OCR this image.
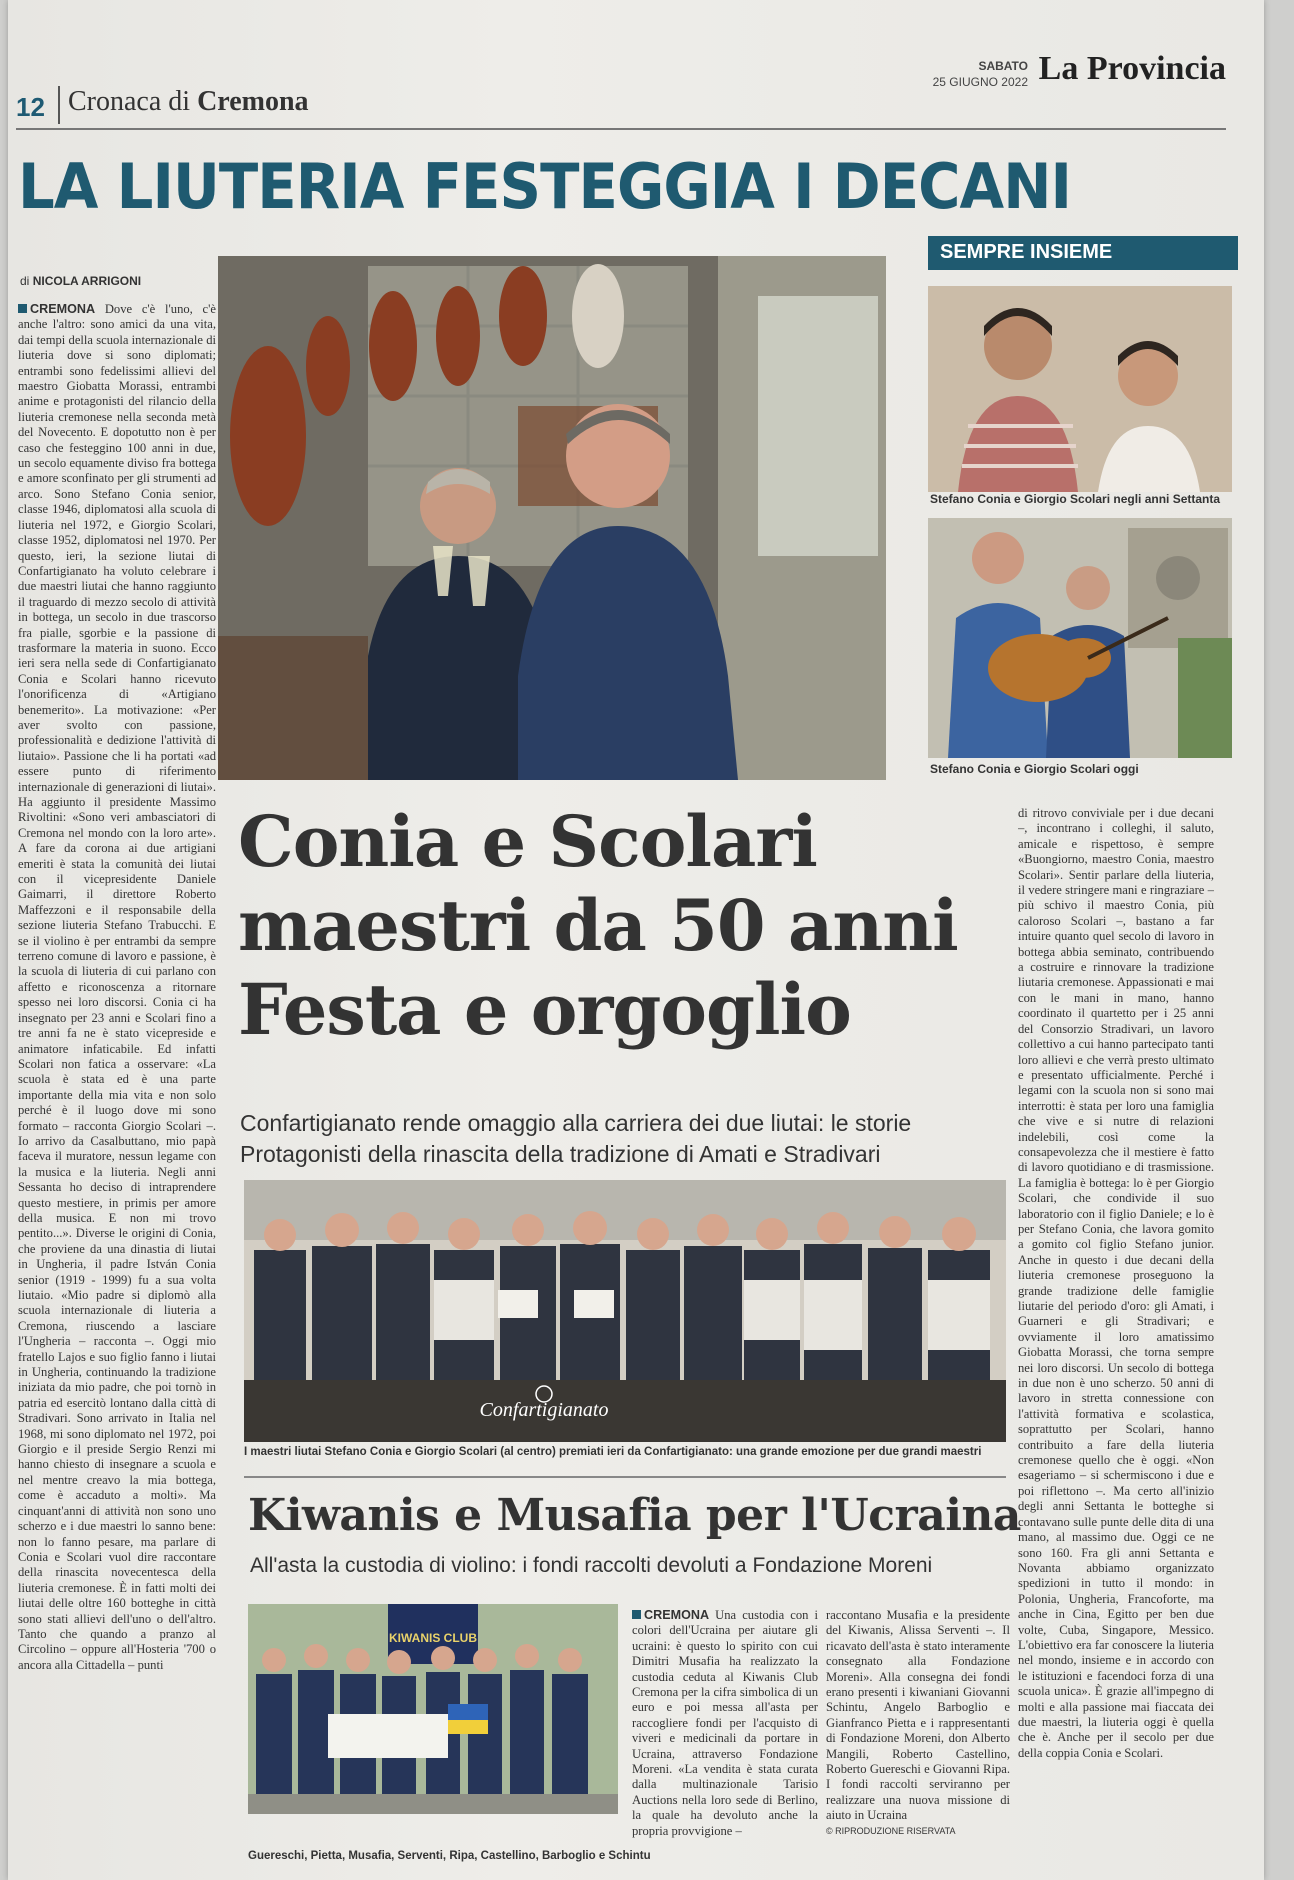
12 Cronaca di Cremona
SABATO
25 GIUGNO 2022 La Provincia
LA LIUTERIA FESTEGGIA I DECANI
di NICOLA ARRIGONI
CREMONA Dove c'è l'uno, c'è anche l'altro: sono amici da una vita, dai tempi della scuola internazionale di liuteria dove si sono diplomati; entrambi sono fedelissimi allievi del maestro Giobatta Morassi, entrambi anime e protagonisti del rilancio della liuteria cremonese nella seconda metà del Novecento. E dopotutto non è per caso che festeggino 100 anni in due, un secolo equamente diviso fra bottega e amore sconfinato per gli strumenti ad arco. Sono Stefano Conia senior, classe 1946, diplomatosi alla scuola di liuteria nel 1972, e Giorgio Scolari, classe 1952, diplomatosi nel 1970. Per questo, ieri, la sezione liutai di Confartigianato ha voluto celebrare i due maestri liutai che hanno raggiunto il traguardo di mezzo secolo di attività in bottega, un secolo in due trascorso fra pialle, sgorbie e la passione di trasformare la materia in suono. Ecco ieri sera nella sede di Confartigianato Conia e Scolari hanno ricevuto l'onorificenza di «Artigiano benemerito». La motivazione: «Per aver svolto con passione, professionalità e dedizione l'attività di liutaio». Passione che li ha portati «ad essere punto di riferimento internazionale di generazioni di liutai». Ha aggiunto il presidente Massimo Rivoltini: «Sono veri ambasciatori di Cremona nel mondo con la loro arte». A fare da corona ai due artigiani emeriti è stata la comunità dei liutai con il vicepresidente Daniele Gaimarri, il direttore Roberto Maffezzoni e il responsabile della sezione liuteria Stefano Trabucchi. E se il violino è per entrambi da sempre terreno comune di lavoro e passione, è la scuola di liuteria di cui parlano con affetto e riconoscenza a ritornare spesso nei loro discorsi. Conia ci ha insegnato per 23 anni e Scolari fino a tre anni fa ne è stato vicepreside e animatore infaticabile. Ed infatti Scolari non fatica a osservare: «La scuola è stata ed è una parte importante della mia vita e non solo perché è il luogo dove mi sono formato – racconta Giorgio Scolari –. Io arrivo da Casalbuttano, mio papà faceva il muratore, nessun legame con la musica e la liuteria. Negli anni Sessanta ho deciso di intraprendere questo mestiere, in primis per amore della musica. E non mi trovo pentito...». Diverse le origini di Conia, che proviene da una dinastia di liutai in Ungheria, il padre István Conia senior (1919 - 1999) fu a sua volta liutaio. «Mio padre si diplomò alla scuola internazionale di liuteria a Cremona, riuscendo a lasciare l'Ungheria – racconta –. Oggi mio fratello Lajos e suo figlio fanno i liutai in Ungheria, continuando la tradizione iniziata da mio padre, che poi tornò in patria ed esercitò lontano dalla città di Stradivari. Sono arrivato in Italia nel 1968, mi sono diplomato nel 1972, poi Giorgio e il preside Sergio Renzi mi hanno chiesto di insegnare a scuola e nel mentre creavo la mia bottega, come è accaduto a molti». Ma cinquant'anni di attività non sono uno scherzo e i due maestri lo sanno bene: non lo fanno pesare, ma parlare di Conia e Scolari vuol dire raccontare della rinascita novecentesca della liuteria cremonese. È in fatti molti dei liutai delle oltre 160 botteghe in città sono stati allievi dell'uno o dell'altro. Tanto che quando a pranzo al Circolino – oppure all'Hosteria '700 o ancora alla Cittadella – punti
SEMPRE INSIEME
Stefano Conia e Giorgio Scolari negli anni Settanta
Stefano Conia e Giorgio Scolari oggi
Conia e Scolari
maestri da 50 anni
Festa e orgoglio
Confartigianato rende omaggio alla carriera dei due liutai: le storie
Protagonisti della rinascita della tradizione di Amati e Stradivari
di ritrovo conviviale per i due decani –, incontrano i colleghi, il saluto, amicale e rispettoso, è sempre «Buongiorno, maestro Conia, maestro Scolari». Sentir parlare della liuteria, il vedere stringere mani e ringraziare – più schivo il maestro Conia, più caloroso Scolari –, bastano a far intuire quanto quel secolo di lavoro in bottega abbia seminato, contribuendo a costruire e rinnovare la tradizione liutaria cremonese. Appassionati e mai con le mani in mano, hanno coordinato il quartetto per i 25 anni del Consorzio Stradivari, un lavoro collettivo a cui hanno partecipato tanti loro allievi e che verrà presto ultimato e presentato ufficialmente. Perché i legami con la scuola non si sono mai interrotti: è stata per loro una famiglia che vive e si nutre di relazioni indelebili, così come la consapevolezza che il mestiere è fatto di lavoro quotidiano e di trasmissione. La famiglia è bottega: lo è per Giorgio Scolari, che condivide il suo laboratorio con il figlio Daniele; e lo è per Stefano Conia, che lavora gomito a gomito col figlio Stefano junior. Anche in questo i due decani della liuteria cremonese proseguono la grande tradizione delle famiglie liutarie del periodo d'oro: gli Amati, i Guarneri e gli Stradivari; e ovviamente il loro amatissimo Giobatta Morassi, che torna sempre nei loro discorsi. Un secolo di bottega in due non è uno scherzo. 50 anni di lavoro in stretta connessione con l'attività formativa e scolastica, soprattutto per Scolari, hanno contribuito a fare della liuteria cremonese quello che è oggi. «Non esageriamo – si schermiscono i due e poi riflettono –. Ma certo all'inizio degli anni Settanta le botteghe si contavano sulle punte delle dita di una mano, al massimo due. Oggi ce ne sono 160. Fra gli anni Settanta e Novanta abbiamo organizzato spedizioni in tutto il mondo: in Polonia, Ungheria, Francoforte, ma anche in Cina, Egitto per ben due volte, Cuba, Singapore, Messico. L'obiettivo era far conoscere la liuteria nel mondo, insieme e in accordo con le istituzioni e facendoci forza di una scuola unica». È grazie all'impegno di molti e alla passione mai fiaccata dei due maestri, la liuteria oggi è quella che è. Anche per il secolo per due della coppia Conia e Scolari.
Confartigianato
I maestri liutai Stefano Conia e Giorgio Scolari (al centro) premiati ieri da Confartigianato: una grande emozione per due grandi maestri
Kiwanis e Musafia per l'Ucraina
All'asta la custodia di violino: i fondi raccolti devoluti a Fondazione Moreni
KIWANIS CLUB
Guereschi, Pietta, Musafia, Serventi, Ripa, Castellino, Barboglio e Schintu
CREMONA Una custodia con i colori dell'Ucraina per aiutare gli ucraini: è questo lo spirito con cui Dimitri Musafia ha realizzato la custodia ceduta al Kiwanis Club Cremona per la cifra simbolica di un euro e poi messa all'asta per raccogliere fondi per l'acquisto di viveri e medicinali da portare in Ucraina, attraverso Fondazione Moreni. «La vendita è stata curata dalla multinazionale Tarisio Auctions nella loro sede di Berlino, la quale ha devoluto anche la propria provvigione –
raccontano Musafia e la presidente del Kiwanis, Alissa Serventi –. Il ricavato dell'asta è stato interamente consegnato alla Fondazione Moreni». Alla consegna dei fondi erano presenti i kiwaniani Giovanni Schintu, Angelo Barboglio e Gianfranco Pietta e i rappresentanti di Fondazione Moreni, don Alberto Mangili, Roberto Castellino, Roberto Guereschi e Giovanni Ripa. I fondi raccolti serviranno per realizzare una nuova missione di aiuto in Ucraina
© RIPRODUZIONE RISERVATA
